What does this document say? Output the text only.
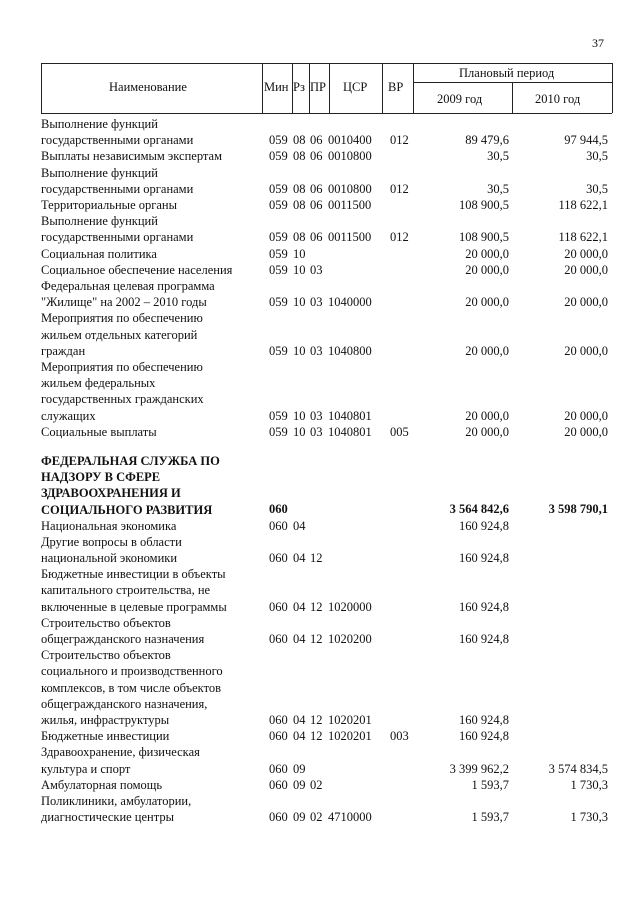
37
Наименование	Мин Рз ПР ЦСР ВР
Плановый период
2009 год	2010 год
Выполнение функций
государственными органами	059 08 06 0010400 012	89 479,6	97 944,5
Выплаты независимым экспертам	059 08 06 0010800	30,5	30,5
Выполнение функций
государственными органами	059 08 06 0010800 012	30,5	30,5
Территориальные органы	059 08 06 0011500	108 900,5	118 622,1
Выполнение функций
государственными органами	059 08 06 0011500 012	108 900,5	118 622,1
Социальная политика	059 10	20 000,0	20 000,0
Социальное обеспечение населения	059 10 03	20 000,0	20 000,0
Федеральная целевая программа
"Жилище" на 2002 – 2010 годы	059 10 03 1040000	20 000,0	20 000,0
Мероприятия по обеспечению
жильем отдельных категорий
граждан	059 10 03 1040800	20 000,0	20 000,0
Мероприятия по обеспечению
жильем федеральных
государственных гражданских
служащих	059 10 03 1040801	20 000,0	20 000,0
Социальные выплаты	059 10 03 1040801 005	20 000,0	20 000,0
ФЕДЕРАЛЬНАЯ СЛУЖБА ПО
НАДЗОРУ В СФЕРЕ
ЗДРАВООХРАНЕНИЯ И
СОЦИАЛЬНОГО РАЗВИТИЯ	060	3 564 842,6	3 598 790,1
Национальная экономика	060 04	160 924,8
Другие вопросы в области
национальной экономики	060 04 12	160 924,8
Бюджетные инвестиции в объекты
капитального строительства, не
включенные в целевые программы	060 04 12 1020000	160 924,8
Строительство объектов
общегражданского назначения	060 04 12 1020200	160 924,8
Строительство объектов
социального и производственного
комплексов, в том числе объектов
общегражданского назначения,
жилья, инфраструктуры	060 04 12 1020201	160 924,8
Бюджетные инвестиции	060 04 12 1020201 003	160 924,8
Здравоохранение, физическая
культура и спорт	060 09	3 399 962,2	3 574 834,5
Амбулаторная помощь	060 09 02	1 593,7	1 730,3
Поликлиники, амбулатории,
диагностические центры	060 09 02 4710000	1 593,7	1 730,3
